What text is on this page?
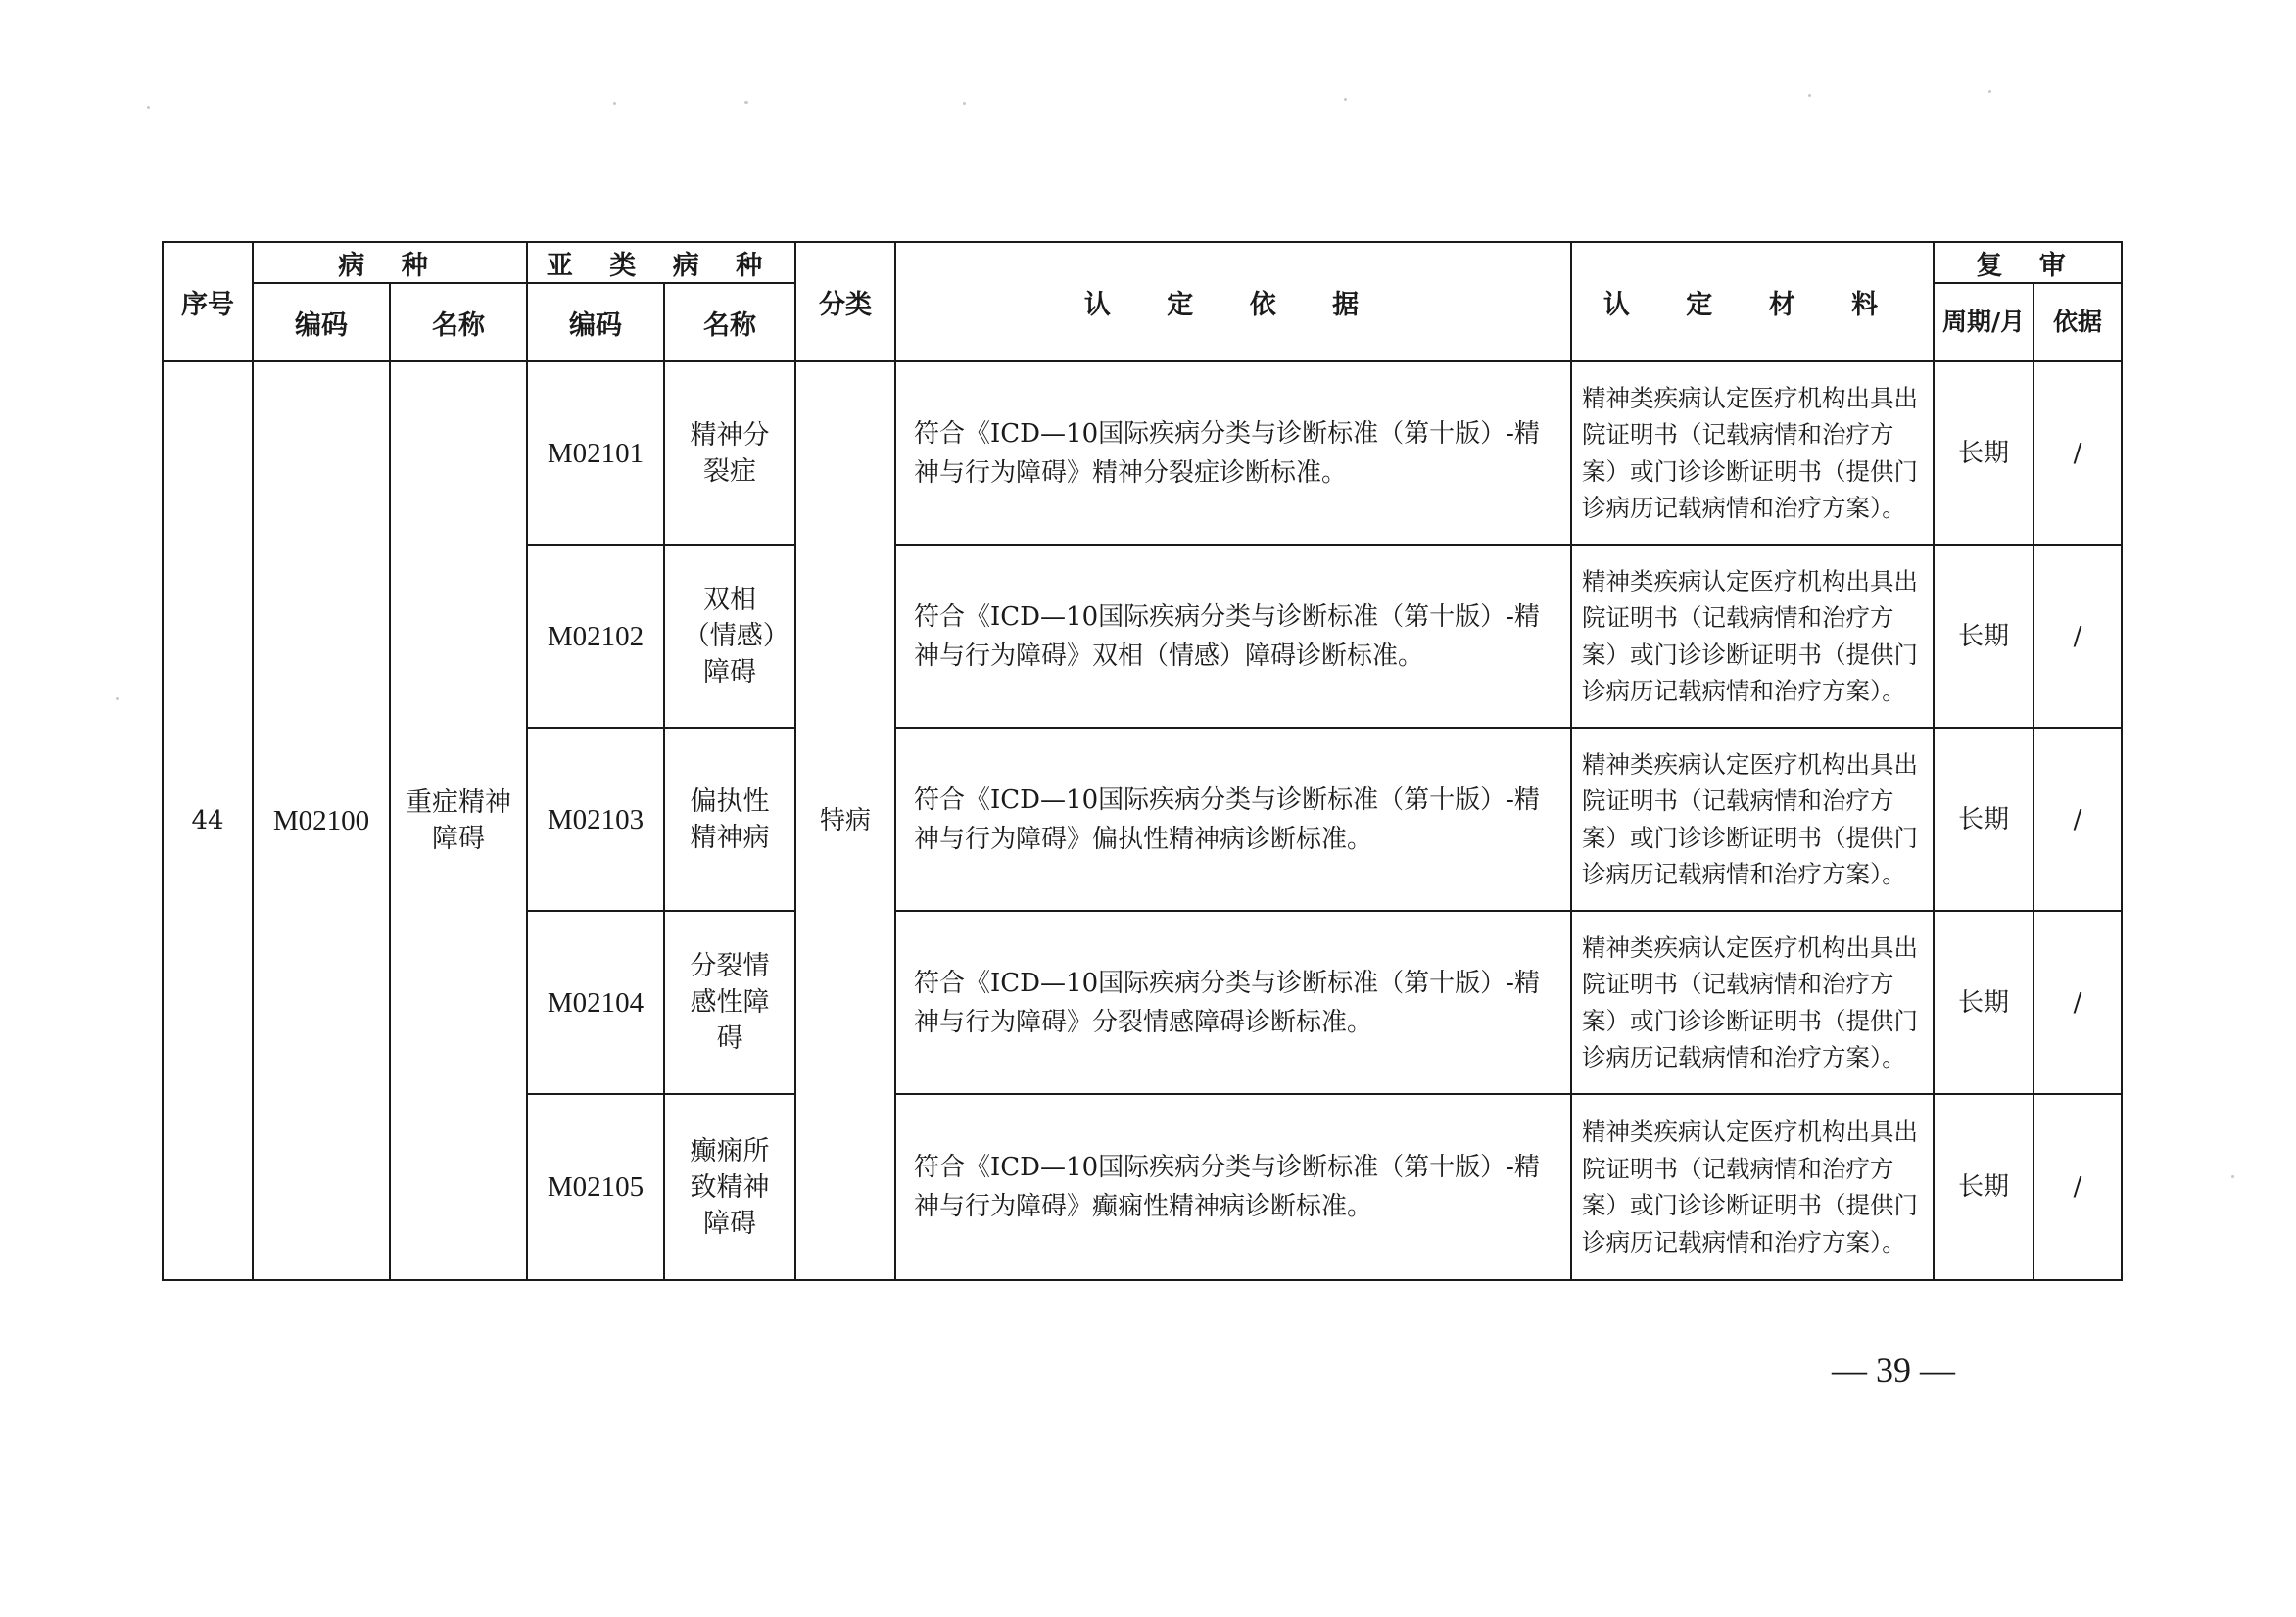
序号	病 种		亚 类 病 种		分类	认 定 依 据	认 定 材 料	复 审	
	编码	名称	编码	名称				周期/月	依据
44	M02100	重症精神障碍	M02101	精神分裂症	特病	符合《ICD—10国际疾病分类与诊断标准（第十版）-精神与行为障碍》精神分裂症诊断标准。	精神类疾病认定医疗机构出具出院证明书（记载病情和治疗方案）或门诊诊断证明书（提供门诊病历记载病情和治疗方案）。	长期	/
			M02102	双相（情感）障碍		符合《ICD—10国际疾病分类与诊断标准（第十版）-精神与行为障碍》双相（情感）障碍诊断标准。	精神类疾病认定医疗机构出具出院证明书（记载病情和治疗方案）或门诊诊断证明书（提供门诊病历记载病情和治疗方案）。	长期	/
			M02103	偏执性精神病		符合《ICD—10国际疾病分类与诊断标准（第十版）-精神与行为障碍》偏执性精神病诊断标准。	精神类疾病认定医疗机构出具出院证明书（记载病情和治疗方案）或门诊诊断证明书（提供门诊病历记载病情和治疗方案）。	长期	/
			M02104	分裂情感性障碍		符合《ICD—10国际疾病分类与诊断标准（第十版）-精神与行为障碍》分裂情感障碍诊断标准。	精神类疾病认定医疗机构出具出院证明书（记载病情和治疗方案）或门诊诊断证明书（提供门诊病历记载病情和治疗方案）。	长期	/
			M02105	癫痫所致精神障碍		符合《ICD—10国际疾病分类与诊断标准（第十版）-精神与行为障碍》癫痫性精神病诊断标准。	精神类疾病认定医疗机构出具出院证明书（记载病情和治疗方案）或门诊诊断证明书（提供门诊病历记载病情和治疗方案）。	长期	/
— 39 —
